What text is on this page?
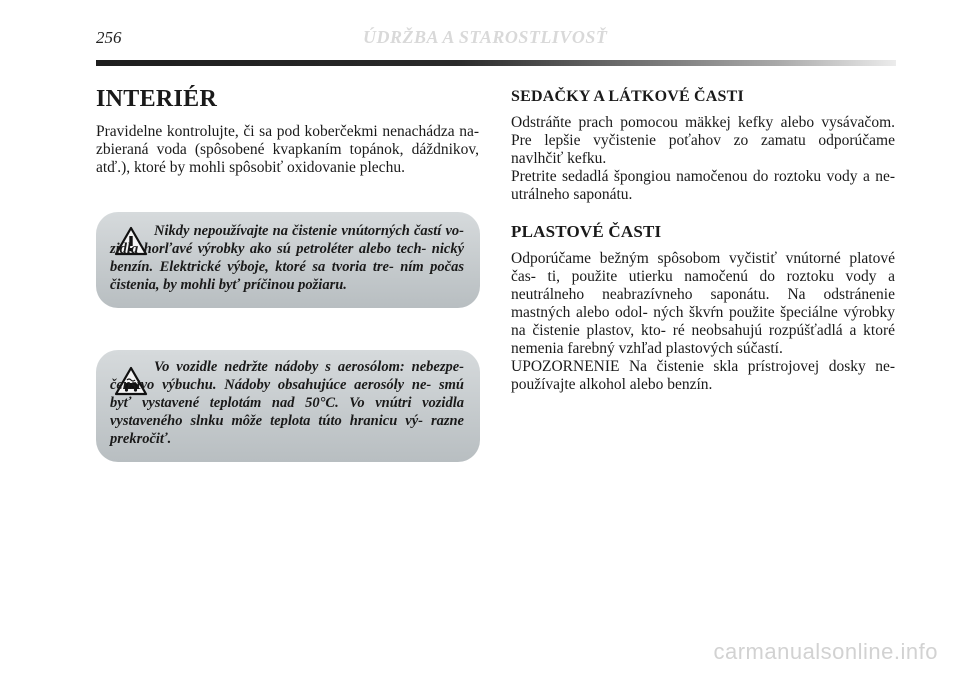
256	ÚDRŽBA A STAROSTLIVOSŤ
INTERIÉR

Pravidelne kontrolujte, či sa pod koberčekmi nenachádza na- zbieraná voda (spôsobené kvapkaním topánok, dáždnikov, atď.), ktoré by mohli spôsobiť oxidovanie plechu.

Nikdy nepoužívajte na čistenie vnútorných častí vo- zidla horľavé výrobky ako sú petroléter alebo tech- nický benzín. Elektrické výboje, ktoré sa tvoria tre- ním počas čistenia, by mohli byť príčinou požiaru.
Vo vozidle nedržte nádoby s aerosólom: nebezpe- čenstvo výbuchu. Nádoby obsahujúce aerosóly ne- smú byť vystavené teplotám nad 50°C. Vo vnútri vozidla vystaveného slnku môže teplota túto hranicu vý- razne prekročiť.
SEDAČKY A LÁTKOVÉ ČASTI

Odstráňte prach pomocou mäkkej kefky alebo vysávačom. Pre lepšie vyčistenie poťahov zo zamatu odporúčame navlhčiť kefku.

Pretrite sedadlá špongiou namočenou do roztoku vody a ne- utrálneho saponátu.

PLASTOVÉ ČASTI

Odporúčame bežným spôsobom vyčistiť vnútorné platové čas- ti, použite utierku namočenú do roztoku vody a neutrálneho neabrazívneho saponátu. Na odstránenie mastných alebo odol- ných škvŕn použite špeciálne výrobky na čistenie plastov, kto- ré neobsahujú rozpúšťadlá a ktoré nemenia farebný vzhľad plastových súčastí.

UPOZORNENIE Na čistenie skla prístrojovej dosky ne- používajte alkohol alebo benzín.

carmanualsonline.info
